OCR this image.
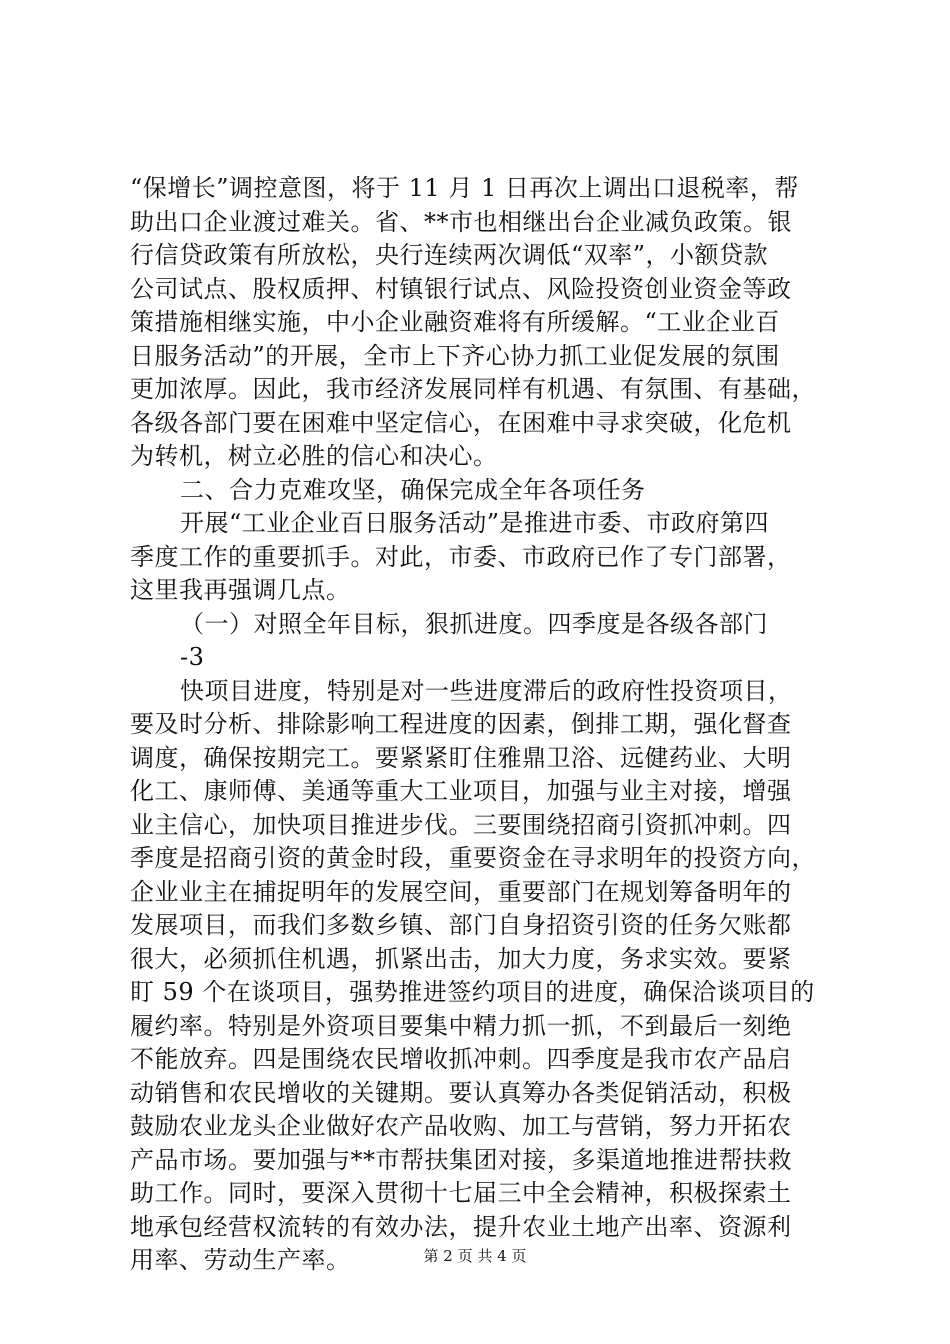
“保增长”调控意图，将于 11 月 1 日再次上调出口退税率，帮
助出口企业渡过难关。省、**市也相继出台企业减负政策。银
行信贷政策有所放松，央行连续两次调低“双率”，小额贷款
公司试点、股权质押、村镇银行试点、风险投资创业资金等政
策措施相继实施，中小企业融资难将有所缓解。“工业企业百
日服务活动”的开展，全市上下齐心协力抓工业促发展的氛围
更加浓厚。因此，我市经济发展同样有机遇、有氛围、有基础，
各级各部门要在困难中坚定信心，在困难中寻求突破，化危机
为转机，树立必胜的信心和决心。
二、合力克难攻坚，确保完成全年各项任务
开展“工业企业百日服务活动”是推进市委、市政府第四
季度工作的重要抓手。对此，市委、市政府已作了专门部署，
这里我再强调几点。
（一）对照全年目标，狠抓进度。四季度是各级各部门
-3
快项目进度，特别是对一些进度滞后的政府性投资项目，
要及时分析、排除影响工程进度的因素，倒排工期，强化督查
调度，确保按期完工。要紧紧盯住雅鼎卫浴、远健药业、大明
化工、康师傅、美通等重大工业项目，加强与业主对接，增强
业主信心，加快项目推进步伐。三要围绕招商引资抓冲刺。四
季度是招商引资的黄金时段，重要资金在寻求明年的投资方向，
企业业主在捕捉明年的发展空间，重要部门在规划筹备明年的
发展项目，而我们多数乡镇、部门自身招资引资的任务欠账都
很大，必须抓住机遇，抓紧出击，加大力度，务求实效。要紧
盯 59 个在谈项目，强势推进签约项目的进度，确保洽谈项目的
履约率。特别是外资项目要集中精力抓一抓，不到最后一刻绝
不能放弃。四是围绕农民增收抓冲刺。四季度是我市农产品启
动销售和农民增收的关键期。要认真筹办各类促销活动，积极
鼓励农业龙头企业做好农产品收购、加工与营销，努力开拓农
产品市场。要加强与**市帮扶集团对接，多渠道地推进帮扶救
助工作。同时，要深入贯彻十七届三中全会精神，积极探索土
地承包经营权流转的有效办法，提升农业土地产出率、资源利
用率、劳动生产率。	第 2 页 共 4 页
